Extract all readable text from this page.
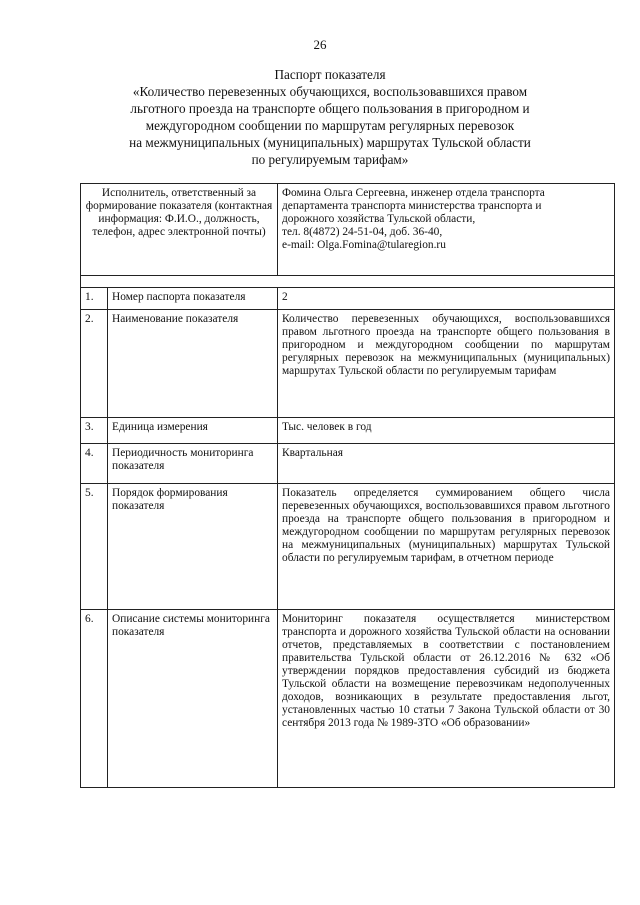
26
Паспорт показателя
«Количество перевезенных обучающихся, воспользовавшихся правом
льготного проезда на транспорте общего пользования в пригородном и
междугородном сообщении по маршрутам регулярных перевозок
на межмуниципальных (муниципальных) маршрутах Тульской области
по регулируемым тарифам»
Исполнитель, ответственный за формирование показателя (контактная информация: Ф.И.О., должность, телефон, адрес электронной почты)		Фомина Ольга Сергеевна, инженер отдела транспорта
департамента транспорта министерства транспорта и
дорожного хозяйства Тульской области,
тел. 8(4872) 24-51-04, доб. 36-40,
e-mail: Olga.Fomina@tularegion.ru

1.	Номер паспорта показателя	2
2.	Наименование показателя	Количество перевезенных обучающихся, воспользовавшихся правом льготного проезда на транспорте общего пользования в пригородном и междугородном сообщении по маршрутам регулярных перевозок на межмуниципальных (муниципальных) маршрутах Тульской области по регулируемым тарифам
3.	Единица измерения	Тыс. человек в год
4.	Периодичность мониторинга показателя	Квартальная
5.	Порядок формирования показателя	Показатель определяется суммированием общего числа перевезенных обучающихся, воспользовавшихся правом льготного проезда на транспорте общего пользования в пригородном и междугородном сообщении по маршрутам регулярных перевозок на межмуниципальных (муниципальных) маршрутах Тульской области по регулируемым тарифам, в отчетном периоде
6.	Описание системы мониторинга показателя	Мониторинг показателя осуществляется министерством транспорта и дорожного хозяйства Тульской области на основании отчетов, представляемых в соответствии с постановлением правительства Тульской области от 26.12.2016 № 632 «Об утверждении порядков предоставления субсидий из бюджета Тульской области на возмещение перевозчикам недополученных доходов, возникающих в результате предоставления льгот, установленных частью 10 статьи 7 Закона Тульской области от 30 сентября 2013 года № 1989-ЗТО «Об образовании»
